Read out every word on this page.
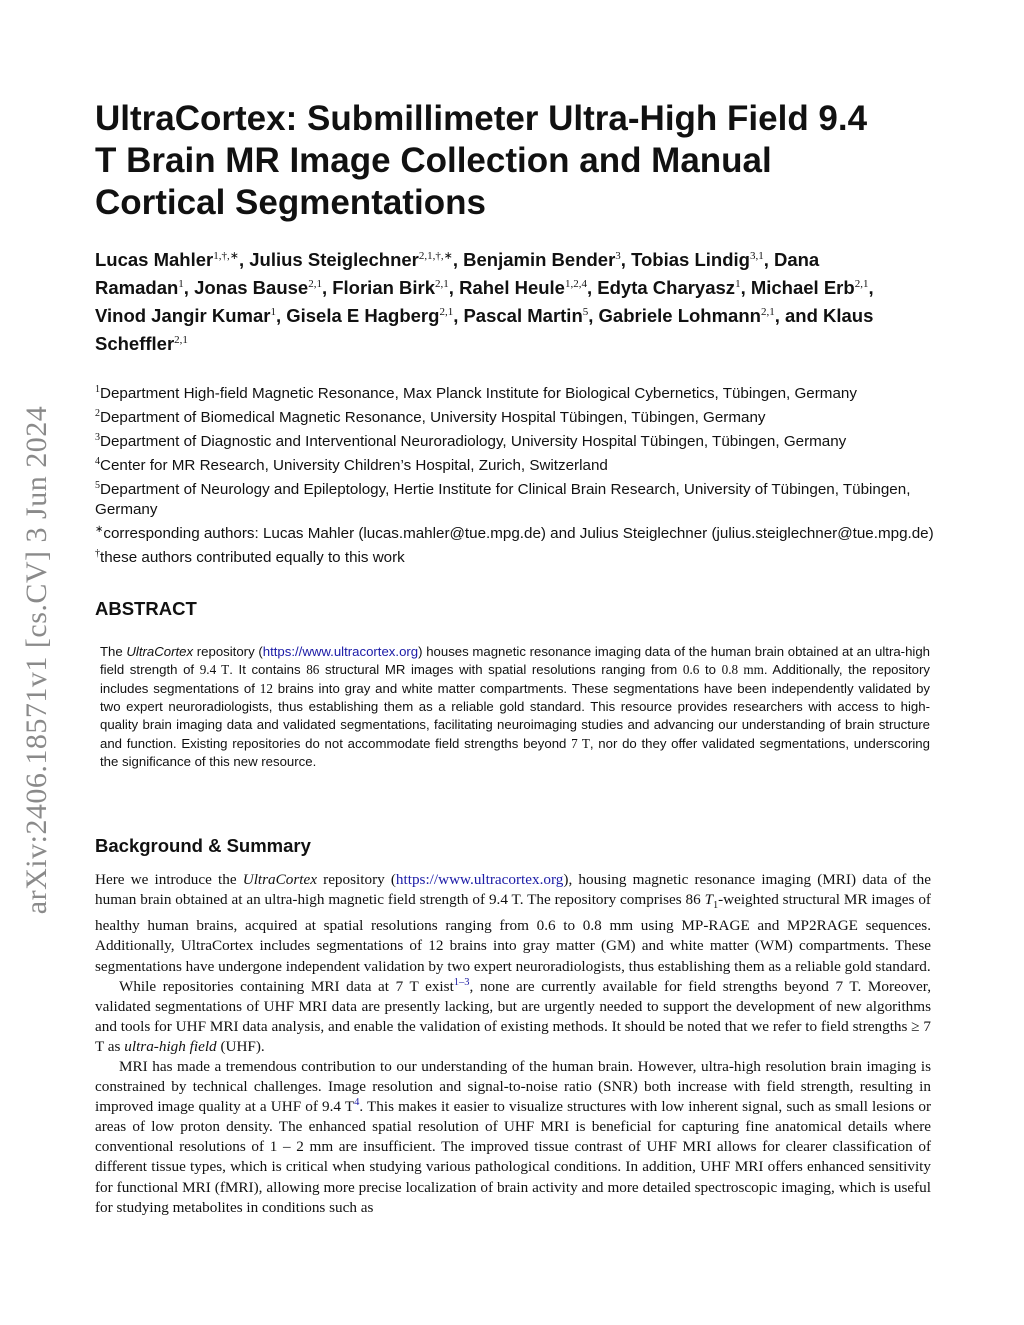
arXiv:2406.18571v1 [cs.CV] 3 Jun 2024
UltraCortex: Submillimeter Ultra-High Field 9.4 T Brain MR Image Collection and Manual Cortical Segmentations
Lucas Mahler$^{1,\dagger,∗}$, Julius Steiglechner$^{2,1,\dagger,∗}$, Benjamin Bender$^3$, Tobias Lindig$^{3,1}$, Dana Ramadan$^1$, Jonas Bause$^{2,1}$, Florian Birk$^{2,1}$, Rahel Heule$^{1,2,4}$, Edyta Charyasz$^1$, Michael Erb$^{2,1}$, Vinod Jangir Kumar$^1$, Gisela E Hagberg$^{2,1}$, Pascal Martin$^5$, Gabriele Lohmann$^{2,1}$, and Klaus Scheffler$^{2,1}$
$^1$Department High-field Magnetic Resonance, Max Planck Institute for Biological Cybernetics, Tübingen, Germany
$^2$Department of Biomedical Magnetic Resonance, University Hospital Tübingen, Tübingen, Germany
$^3$Department of Diagnostic and Interventional Neuroradiology, University Hospital Tübingen, Tübingen, Germany
$^4$Center for MR Research, University Children’s Hospital, Zurich, Switzerland
$^5$Department of Neurology and Epileptology, Hertie Institute for Clinical Brain Research, University of Tübingen, Tübingen, Germany
∗corresponding authors: Lucas Mahler (lucas.mahler@tue.mpg.de) and Julius Steiglechner (julius.steiglechner@tue.mpg.de)
†these authors contributed equally to this work
ABSTRACT
The UltraCortex repository (https://www.ultracortex.org) houses magnetic resonance imaging data of the human brain obtained at an ultra-high field strength of 9.4 T. It contains 86 structural MR images with spatial resolutions ranging from 0.6 to 0.8 mm. Additionally, the repository includes segmentations of 12 brains into gray and white matter compartments. These segmentations have been independently validated by two expert neuroradiologists, thus establishing them as a reliable gold standard. This resource provides researchers with access to high-quality brain imaging data and validated segmentations, facilitating neuroimaging studies and advancing our understanding of brain structure and function. Existing repositories do not accommodate field strengths beyond 7 T, nor do they offer validated segmentations, underscoring the significance of this new resource.
Background & Summary

Here we introduce the UltraCortex repository (https://www.ultracortex.org), housing magnetic resonance imaging (MRI) data of the human brain obtained at an ultra-high magnetic field strength of 9.4 T. The repository comprises 86 $T_1$-weighted structural MR images of healthy human brains, acquired at spatial resolutions ranging from 0.6 to 0.8 mm using MP-RAGE and MP2RAGE sequences. Additionally, UltraCortex includes segmentations of 12 brains into gray matter (GM) and white matter (WM) compartments. These segmentations have undergone independent validation by two expert neuroradiologists, thus establishing them as a reliable gold standard.

While repositories containing MRI data at 7 T exist$^{1-3}$, none are currently available for field strengths beyond 7 T. Moreover, validated segmentations of UHF MRI data are presently lacking, but are urgently needed to support the development of new algorithms and tools for UHF MRI data analysis, and enable the validation of existing methods. It should be noted that we refer to field strengths ≥ 7 T as ultra-high field (UHF).

MRI has made a tremendous contribution to our understanding of the human brain. However, ultra-high resolution brain imaging is constrained by technical challenges. Image resolution and signal-to-noise ratio (SNR) both increase with field strength, resulting in improved image quality at a UHF of 9.4 T$^4$. This makes it easier to visualize structures with low inherent signal, such as small lesions or areas of low proton density. The enhanced spatial resolution of UHF MRI is beneficial for capturing fine anatomical details where conventional resolutions of 1 – 2 mm are insufficient. The improved tissue contrast of UHF MRI allows for clearer classification of different tissue types, which is critical when studying various pathological conditions. In addition, UHF MRI offers enhanced sensitivity for functional MRI (fMRI), allowing more precise localization of brain activity and more detailed spectroscopic imaging, which is useful for studying metabolites in conditions such as
